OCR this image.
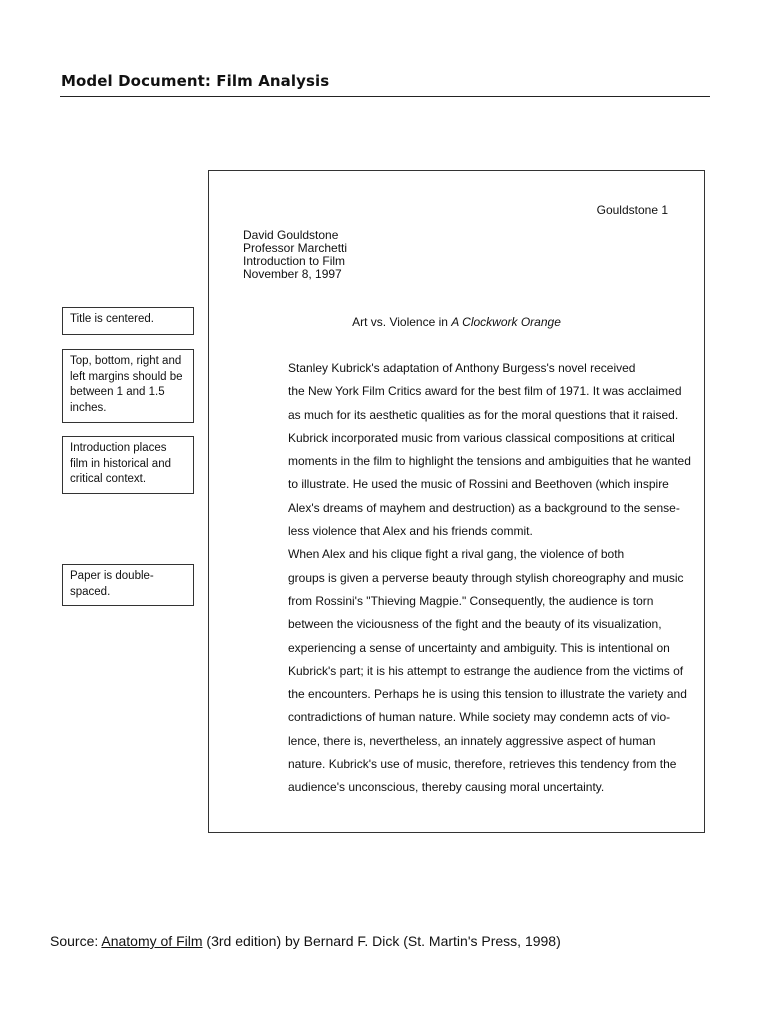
Model Document: Film Analysis
Title is centered.
Top, bottom, right and left margins should be between 1 and 1.5 inches.
Introduction places film in historical and critical context.
Paper is double-spaced.
Gouldstone 1
David Gouldstone
Professor Marchetti
Introduction to Film
November 8, 1997
Art vs. Violence in A Clockwork Orange

Stanley Kubrick's adaptation of Anthony Burgess's novel received
the New York Film Critics award for the best film of 1971. It was acclaimed
as much for its aesthetic qualities as for the moral questions that it raised.
Kubrick incorporated music from various classical compositions at critical
moments in the film to highlight the tensions and ambiguities that he wanted
to illustrate. He used the music of Rossini and Beethoven (which inspire
Alex's dreams of mayhem and destruction) as a background to the sense-
less violence that Alex and his friends commit.

When Alex and his clique fight a rival gang, the violence of both
groups is given a perverse beauty through stylish choreography and music
from Rossini's "Thieving Magpie." Consequently, the audience is torn
between the viciousness of the fight and the beauty of its visualization,
experiencing a sense of uncertainty and ambiguity. This is intentional on
Kubrick's part; it is his attempt to estrange the audience from the victims of
the encounters. Perhaps he is using this tension to illustrate the variety and
contradictions of human nature. While society may condemn acts of vio-
lence, there is, nevertheless, an innately aggressive aspect of human
nature. Kubrick's use of music, therefore, retrieves this tendency from the
audience's unconscious, thereby causing moral uncertainty.

Source: Anatomy of Film (3rd edition) by Bernard F. Dick (St. Martin's Press, 1998)
